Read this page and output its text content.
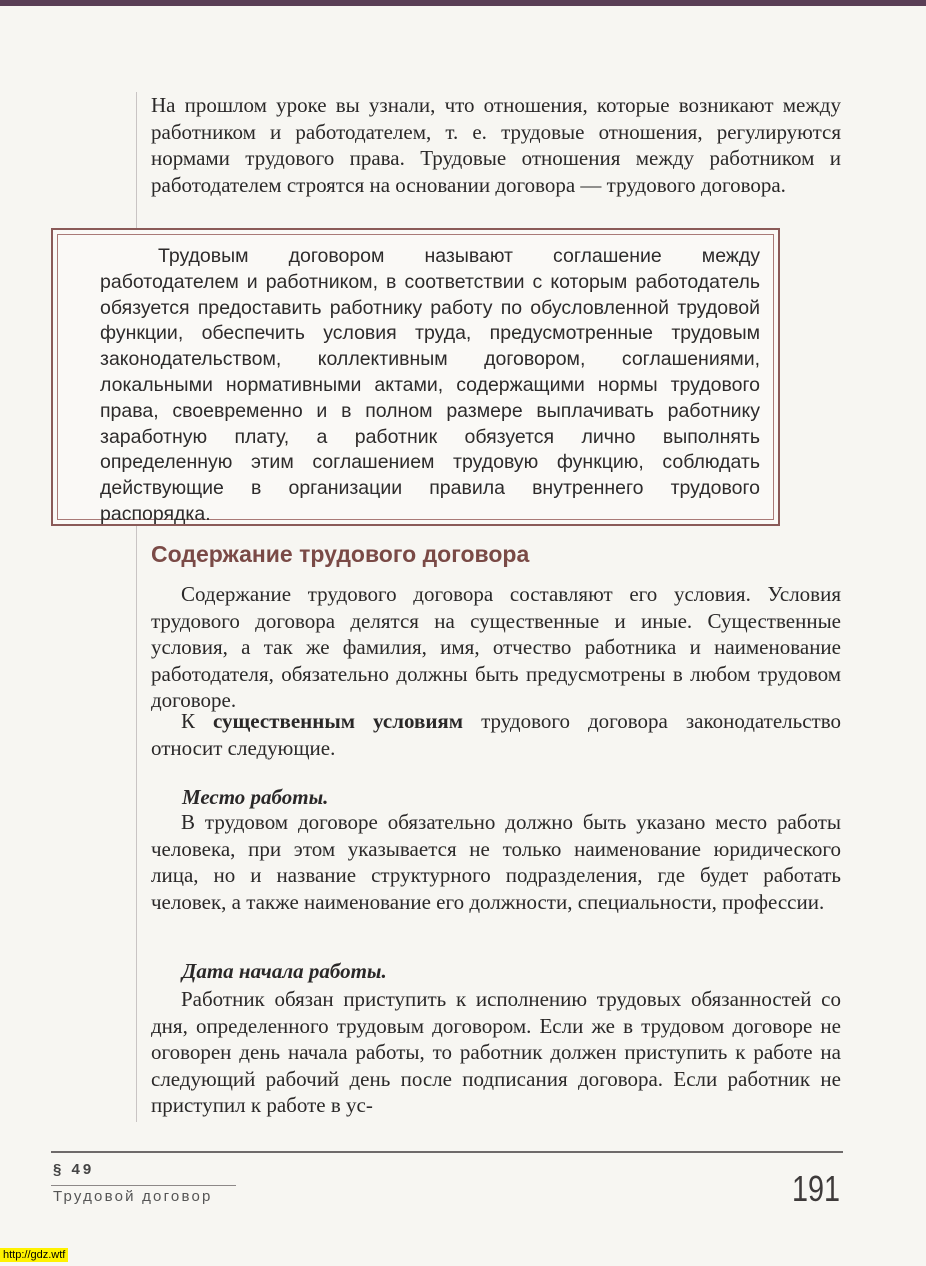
На прошлом уроке вы узнали, что отношения, которые возникают между работником и работодателем, т. е. трудовые отношения, регулируются нормами трудового права. Трудовые отношения между работником и работодателем строятся на основании договора — трудового договора.

Трудовым договором называют соглашение между работодателем и работником, в соответствии с которым работодатель обязуется предоставить работнику работу по обусловленной трудовой функции, обеспечить условия труда, предусмотренные трудовым законодательством, коллективным договором, соглашениями, локальными нормативными актами, содержащими нормы трудового права, своевременно и в полном размере выплачивать работнику заработную плату, а работник обязуется лично выполнять определенную этим соглашением трудовую функцию, соблюдать действующие в организации правила внутреннего трудового распорядка.

Содержание трудового договора

Содержание трудового договора составляют его условия. Условия трудового договора делятся на существенные и иные. Существенные условия, а так же фамилия, имя, отчество работника и наименование работодателя, обязательно должны быть предусмотрены в любом трудовом договоре.

К существенным условиям трудового договора законодательство относит следующие.

Место работы.

В трудовом договоре обязательно должно быть указано место работы человека, при этом указывается не только наименование юридического лица, но и название структурного подразделения, где будет работать человек, а также наименование его должности, специальности, профессии.

Дата начала работы.

Работник обязан приступить к исполнению трудовых обязанностей со дня, определенного трудовым договором. Если же в трудовом договоре не оговорен день начала работы, то работник должен приступить к работе на следующий рабочий день после подписания договора. Если работник не приступил к работе в ус-

§ 49
Трудовой договор	191
http://gdz.wtf
